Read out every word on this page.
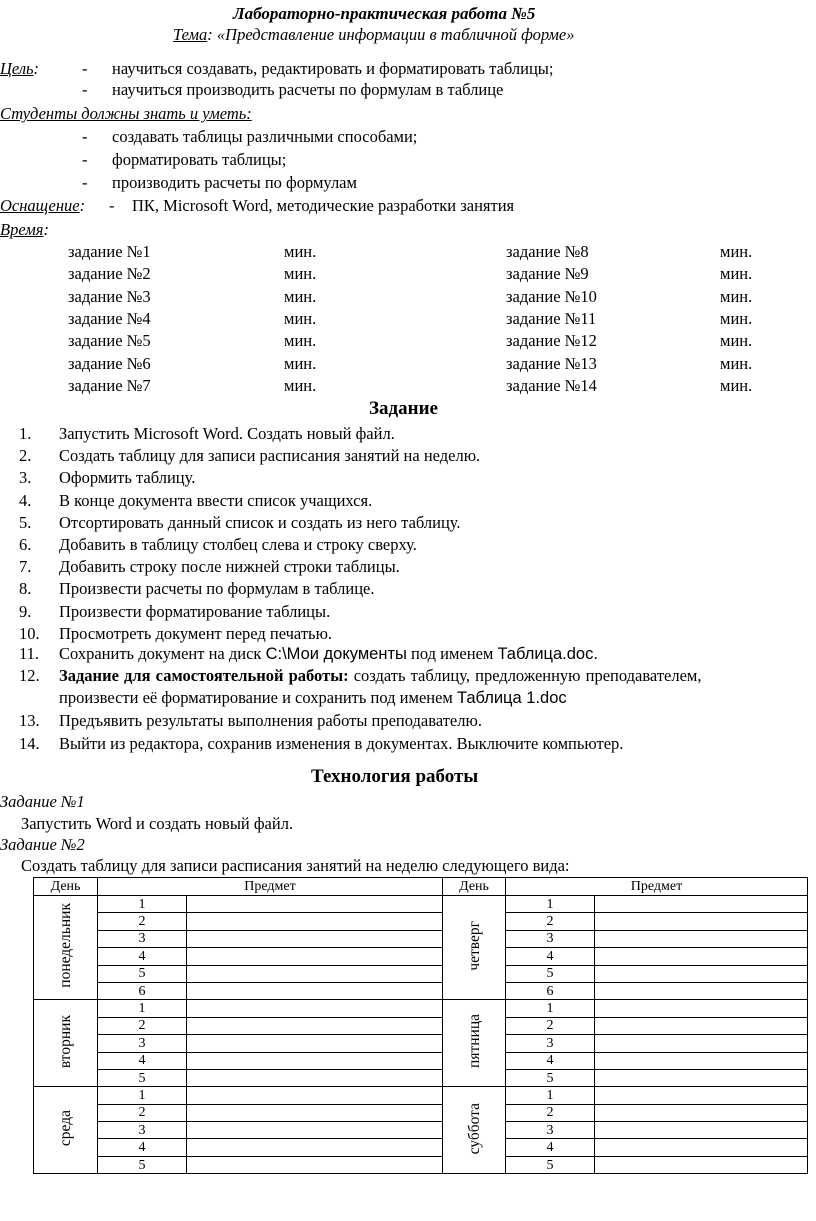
Лабораторно-практическая работа №5
Тема: «Представление информации в табличной форме»
Цель:	- научиться создавать, редактировать и форматировать таблицы;
- научиться производить расчеты по формулам в таблице
Студенты должны знать и уметь:
- создавать таблицы различными способами;
- форматировать таблицы;
- производить расчеты по формулам
Оснащение: - ПК, Microsoft Word, методические разработки занятия
Время:
задание №1	мин.	задание №8	мин.
задание №2	мин.	задание №9	мин.
задание №3	мин.	задание №10	мин.
задание №4	мин.	задание №11	мин.
задание №5	мин.	задание №12	мин.
задание №6	мин.	задание №13	мин.
задание №7	мин.	задание №14	мин.
Задание
1. Запустить Microsoft Word. Создать новый файл.
2. Создать таблицу для записи расписания занятий на неделю.
3. Оформить таблицу.
4. В конце документа ввести список учащихся.
5. Отсортировать данный список и создать из него таблицу.
6. Добавить в таблицу столбец слева и строку сверху.
7. Добавить строку после нижней строки таблицы.
8. Произвести расчеты по формулам в таблице.
9. Произвести форматирование таблицы.
10. Просмотреть документ перед печатью.
11. Сохранить документ на диск C:\Мои документы под именем Таблица.doc.
12. Задание для самостоятельной работы: создать таблицу, предложенную преподавателем,
произвести её форматирование и сохранить под именем Таблица 1.doc
13. Предъявить результаты выполнения работы преподавателю.
14. Выйти из редактора, сохранив изменения в документах. Выключите компьютер.
Технология работы
Задание №1
Запустить Word и создать новый файл.
Задание №2
Создать таблицу для записи расписания занятий на неделю следующего вида:
День	Предмет		День	Предмет	
понедельник	1		четверг	1	
	2			2	
	3			3	
	4			4	
	5			5	
	6			6	
вторник	1		пятница	1	
	2			2	
	3			3	
	4			4	
	5			5	
среда	1		суббота	1	
	2			2	
	3			3	
	4			4	
	5			5	
